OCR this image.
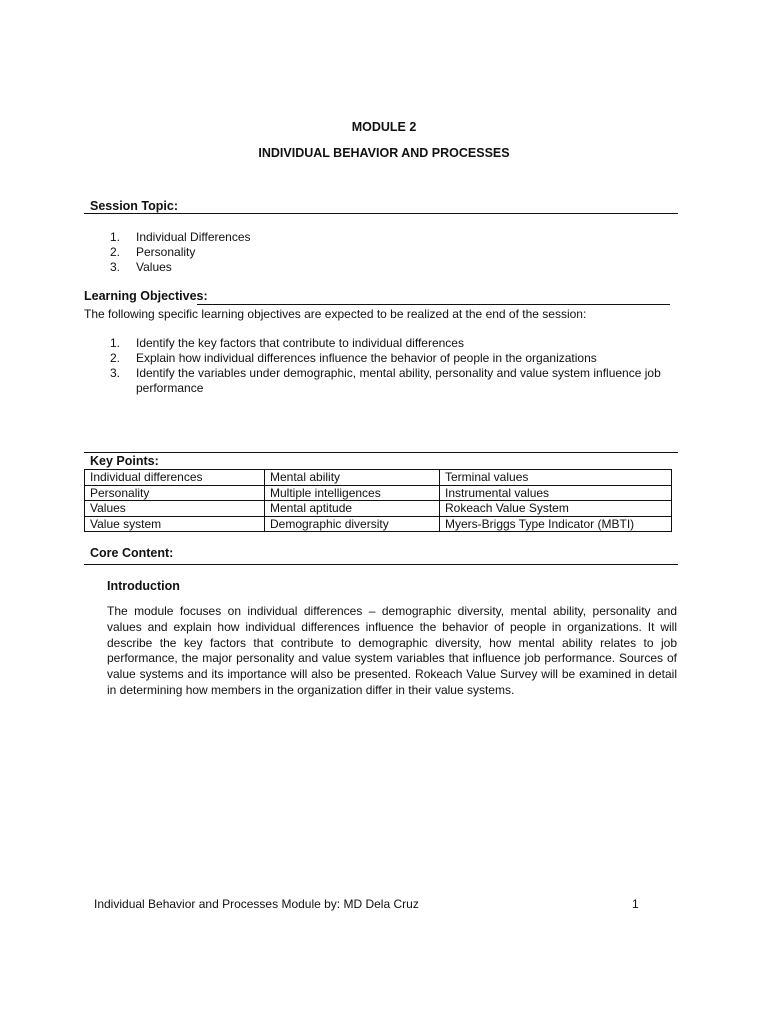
MODULE 2
INDIVIDUAL BEHAVIOR AND PROCESSES
Session Topic:
1. Individual Differences
2. Personality
3. Values
Learning Objectives:
The following specific learning objectives are expected to be realized at the end of the session:
1. Identify the key factors that contribute to individual differences
2. Explain how individual differences influence the behavior of people in the organizations
3. Identify the variables under demographic, mental ability, personality and value system influence job performance
Key Points:
Individual differences	Mental ability	Terminal values
Personality	Multiple intelligences	Instrumental values
Values	Mental aptitude	Rokeach Value System
Value system	Demographic diversity	Myers-Briggs Type Indicator (MBTI)
Core Content:
Introduction
The module focuses on individual differences – demographic diversity, mental ability, personality and values and explain how individual differences influence the behavior of people in organizations. It will describe the key factors that contribute to demographic diversity, how mental ability relates to job performance, the major personality and value system variables that influence job performance. Sources of value systems and its importance will also be presented. Rokeach Value Survey will be examined in detail in determining how members in the organization differ in their value systems.
Individual Behavior and Processes Module by: MD Dela Cruz	1
